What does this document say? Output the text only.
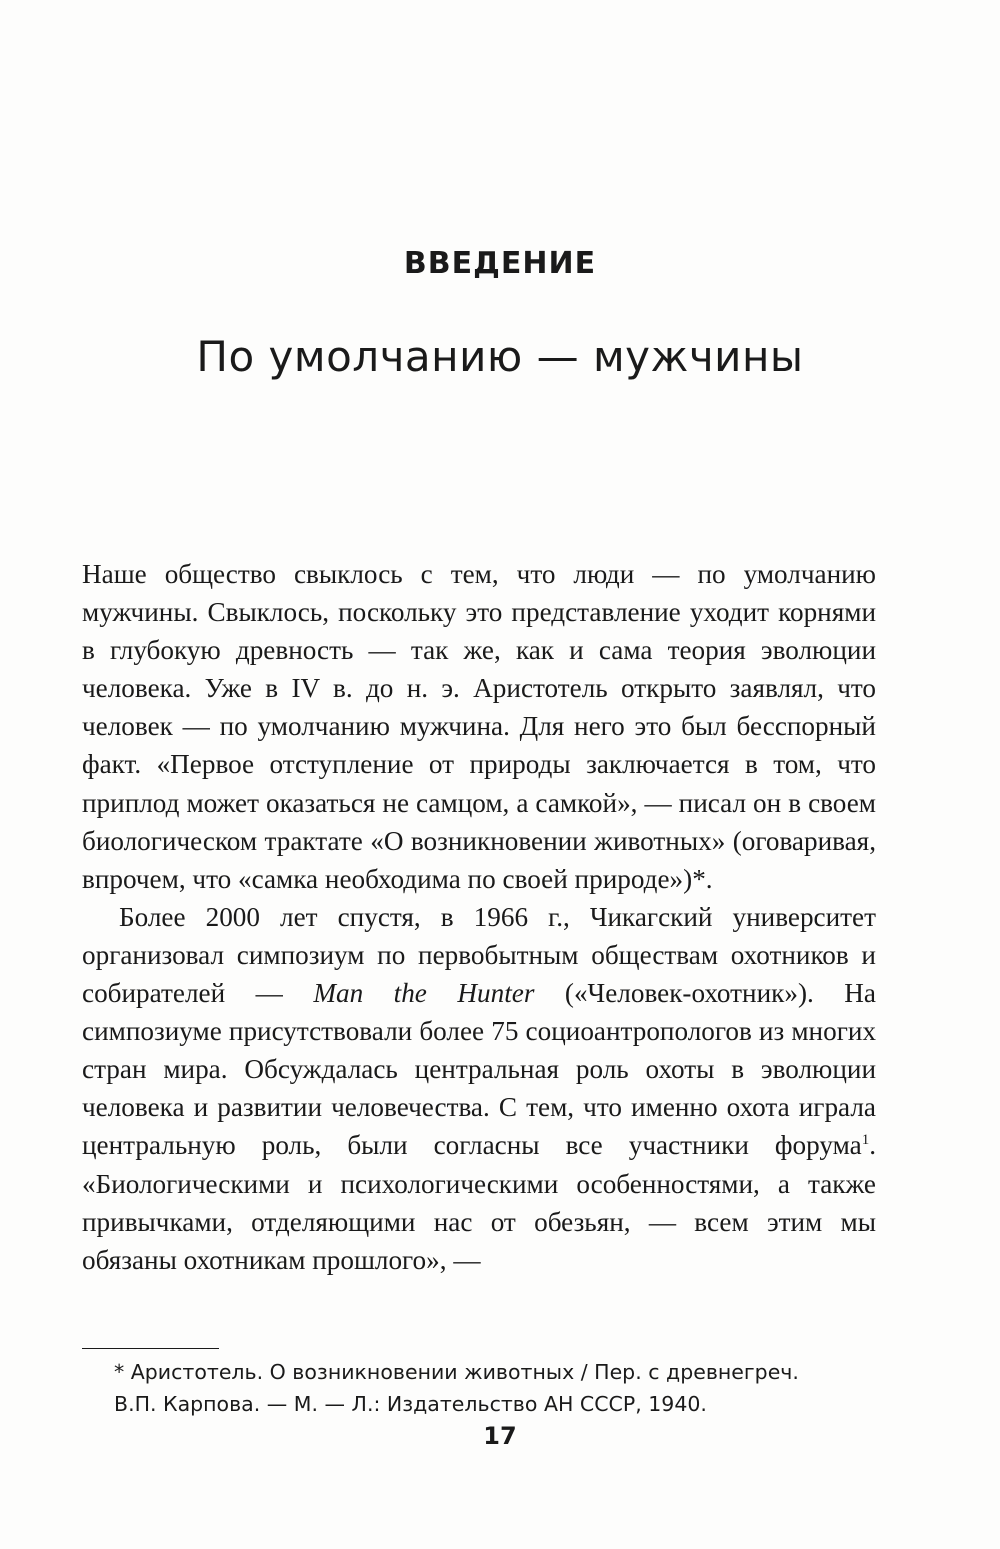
ВВЕДЕНИЕ
По умолчанию — мужчины

Наше общество свыклось с тем, что люди — по умолчанию мужчины. Свыклось, поскольку это представление уходит корнями в глубокую древность — так же, как и сама теория эволюции человека. Уже в IV в. до н. э. Аристотель открыто заявлял, что человек — по умолчанию мужчина. Для него это был бесспорный факт. «Первое отступление от природы заключается в том, что приплод может оказаться не самцом, а самкой», — писал он в своем биологическом трактате «О возникновении животных» (оговаривая, впрочем, что «самка необходима по своей природе»)*.

Более 2000 лет спустя, в 1966 г., Чикагский университет организовал симпозиум по первобытным обществам охотников и собирателей — Man the Hunter («Человек-охотник»). На симпозиуме присутствовали более 75 социоантропологов из многих стран мира. Обсуждалась центральная роль охоты в эволюции человека и развитии человечества. С тем, что именно охота играла центральную роль, были согласны все участники форума$^1$. «Биологическими и психологическими особенностями, а также привычками, отделяющими нас от обезьян, — всем этим мы обязаны охотникам прошлого», —

* Аристотель. О возникновении животных / Пер. с древнегреч.
В.П. Карпова. — М. — Л.: Издательство АН СССР, 1940.

17
